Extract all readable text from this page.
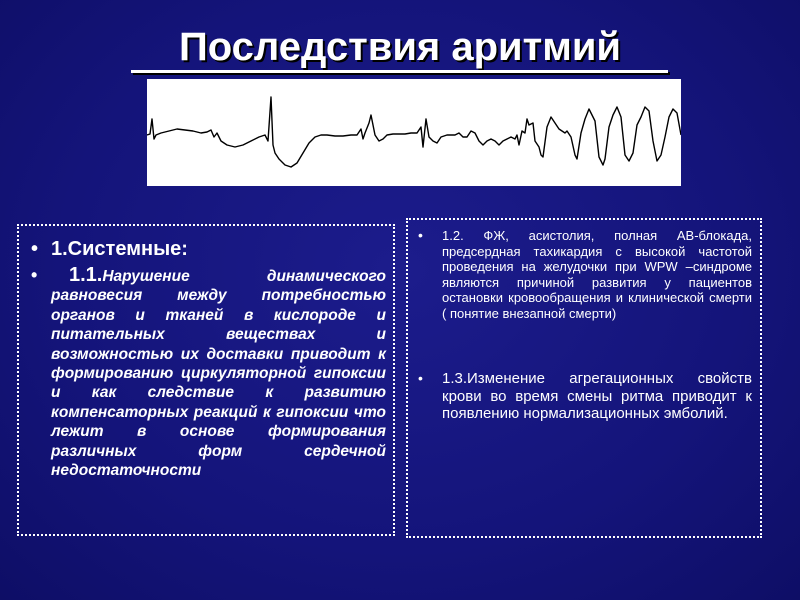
Последствия аритмий
• 1.Системные:
•	1.1.Нарушение динамического равновесия между потребностью органов и тканей в кислороде и питательных веществах и возможностью их доставки приводит к формированию циркуляторной гипоксии и как следствие к развитию компенсаторных реакций к гипоксии что лежит в основе формирования различных форм сердечной недостаточности
• 1.2. ФЖ, асистолия, полная АВ-блокада, предсердная тахикардия с высокой частотой проведения на желудочки при WPW –синдроме являются причиной развития у пациентов остановки кровообращения и клинической смерти ( понятие внезапной смерти)
• 1.3.Изменение агрегационных свойств крови во время смены ритма приводит к появлению нормализационных эмболий.
